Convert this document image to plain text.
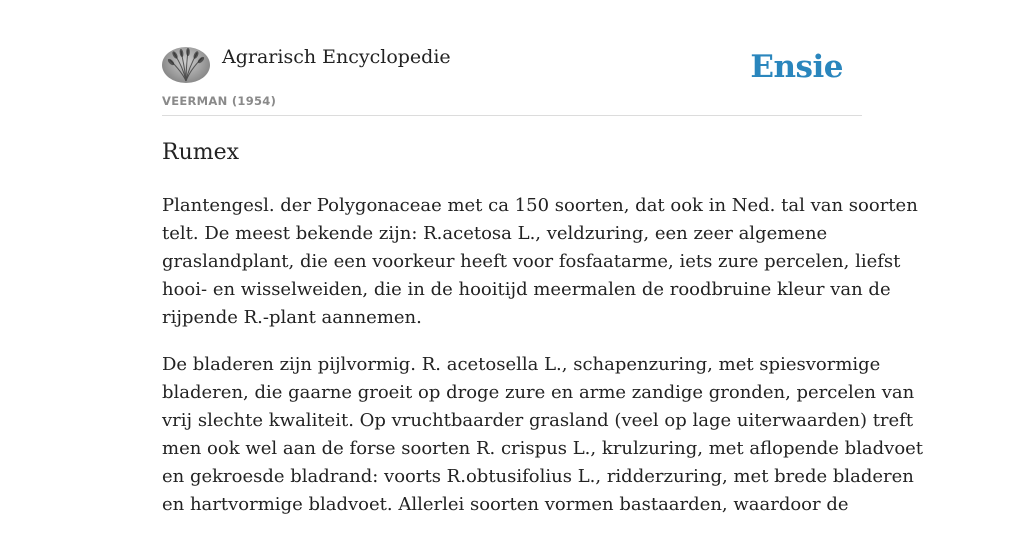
Agrarisch Encyclopedie
VEERMAN (1954)
Ensie
Rumex

Plantengesl. der Polygonaceae met ca 150 soorten, dat ook in Ned. tal van soorten
telt. De meest bekende zijn: R.acetosa L., veldzuring, een zeer algemene
graslandplant, die een voorkeur heeft voor fosfaatarme, iets zure percelen, liefst
hooi- en wisselweiden, die in de hooitijd meermalen de roodbruine kleur van de
rijpende R.-plant aannemen.

De bladeren zijn pijlvormig. R. acetosella L., schapenzuring, met spiesvormige
bladeren, die gaarne groeit op droge zure en arme zandige gronden, percelen van
vrij slechte kwaliteit. Op vruchtbaarder grasland (veel op lage uiterwaarden) treft
men ook wel aan de forse soorten R. crispus L., krulzuring, met aflopende bladvoet
en gekroesde bladrand: voorts R.obtusifolius L., ridderzuring, met brede bladeren
en hartvormige bladvoet. Allerlei soorten vormen bastaarden, waardoor de
